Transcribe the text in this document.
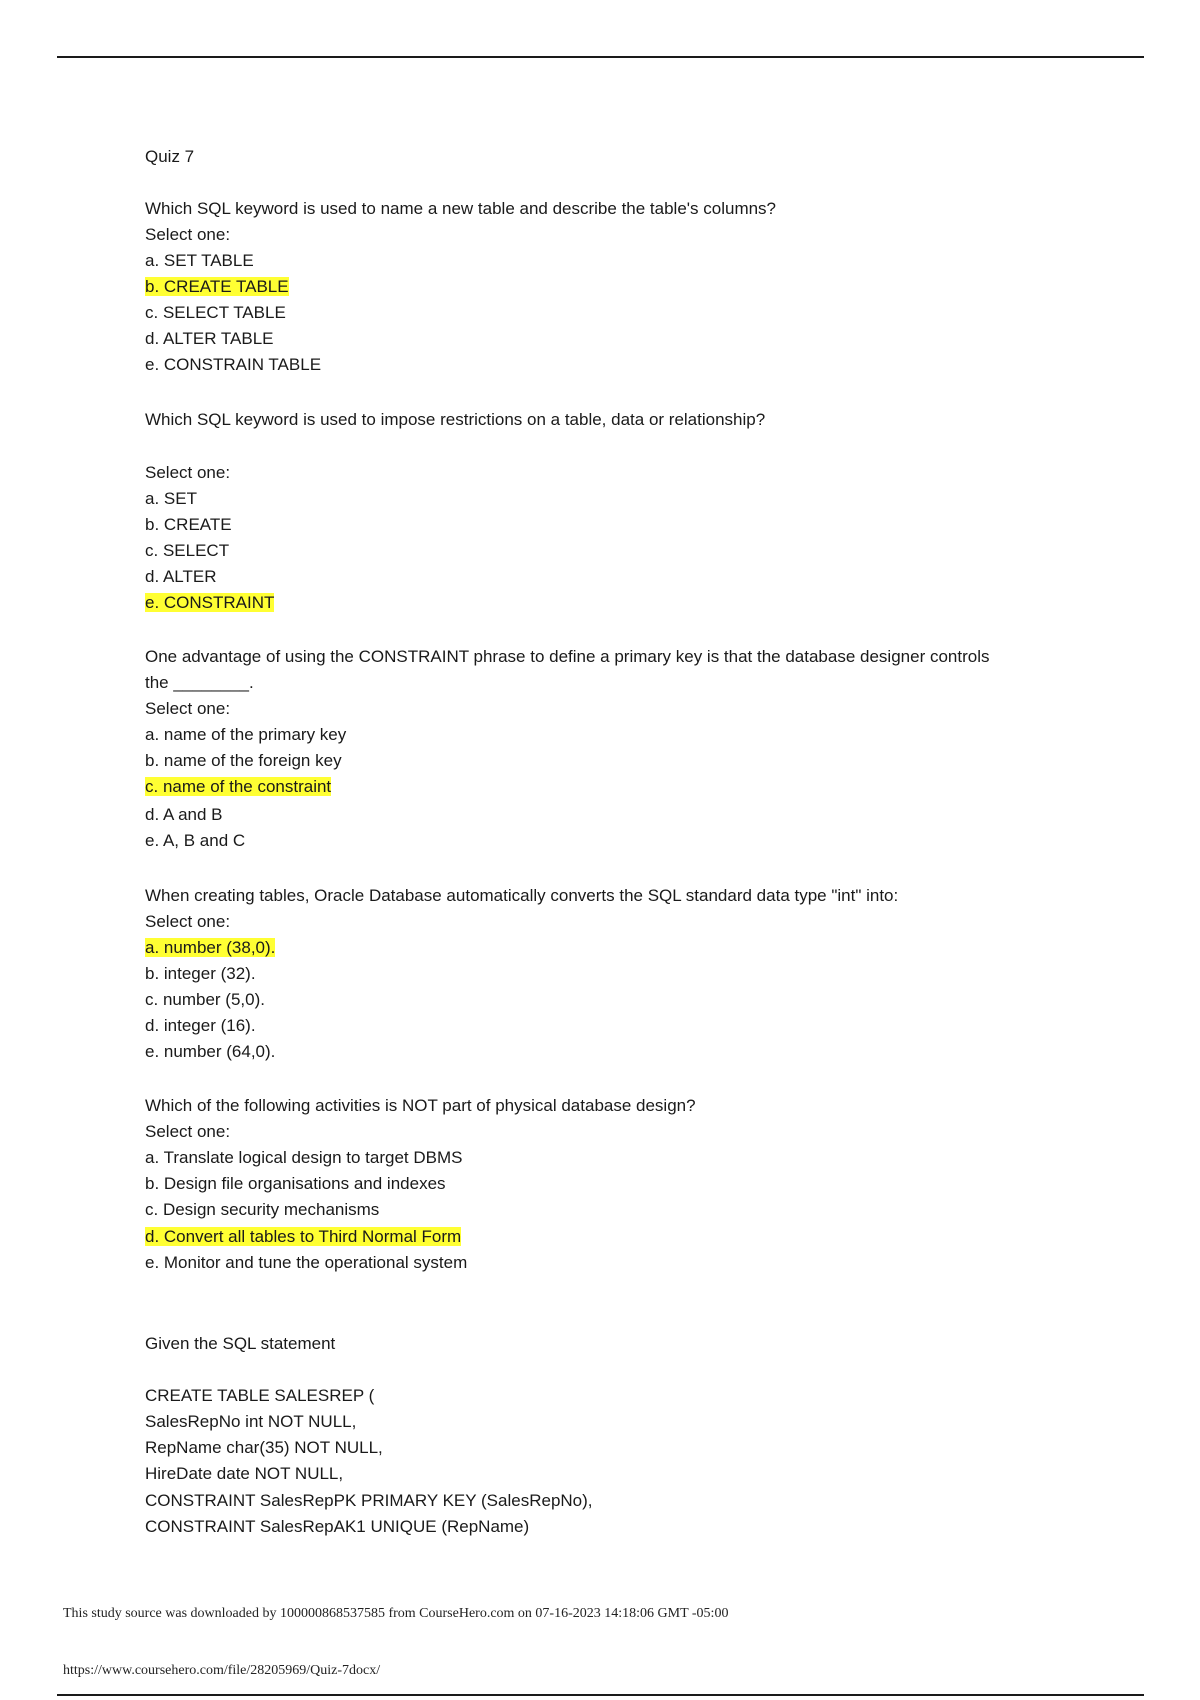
Quiz 7
Which SQL keyword is used to name a new table and describe the table's columns?
Select one:
a. SET TABLE
b. CREATE TABLE
c. SELECT TABLE
d. ALTER TABLE
e. CONSTRAIN TABLE
Which SQL keyword is used to impose restrictions on a table, data or relationship?
Select one:
a. SET
b. CREATE
c. SELECT
d. ALTER
e. CONSTRAINT
One advantage of using the CONSTRAINT phrase to define a primary key is that the database designer controls
the ________.
Select one:
a. name of the primary key
b. name of the foreign key
c. name of the constraint
d. A and B
e. A, B and C
When creating tables, Oracle Database automatically converts the SQL standard data type "int" into:
Select one:
a. number (38,0).
b. integer (32).
c. number (5,0).
d. integer (16).
e. number (64,0).
Which of the following activities is NOT part of physical database design?
Select one:
a. Translate logical design to target DBMS
b. Design file organisations and indexes
c. Design security mechanisms
d. Convert all tables to Third Normal Form
e. Monitor and tune the operational system
Given the SQL statement
CREATE TABLE SALESREP (
SalesRepNo int NOT NULL,
RepName char(35) NOT NULL,
HireDate date NOT NULL,
CONSTRAINT SalesRepPK PRIMARY KEY (SalesRepNo),
CONSTRAINT SalesRepAK1 UNIQUE (RepName)
This study source was downloaded by 100000868537585 from CourseHero.com on 07-16-2023 14:18:06 GMT -05:00
https://www.coursehero.com/file/28205969/Quiz-7docx/
